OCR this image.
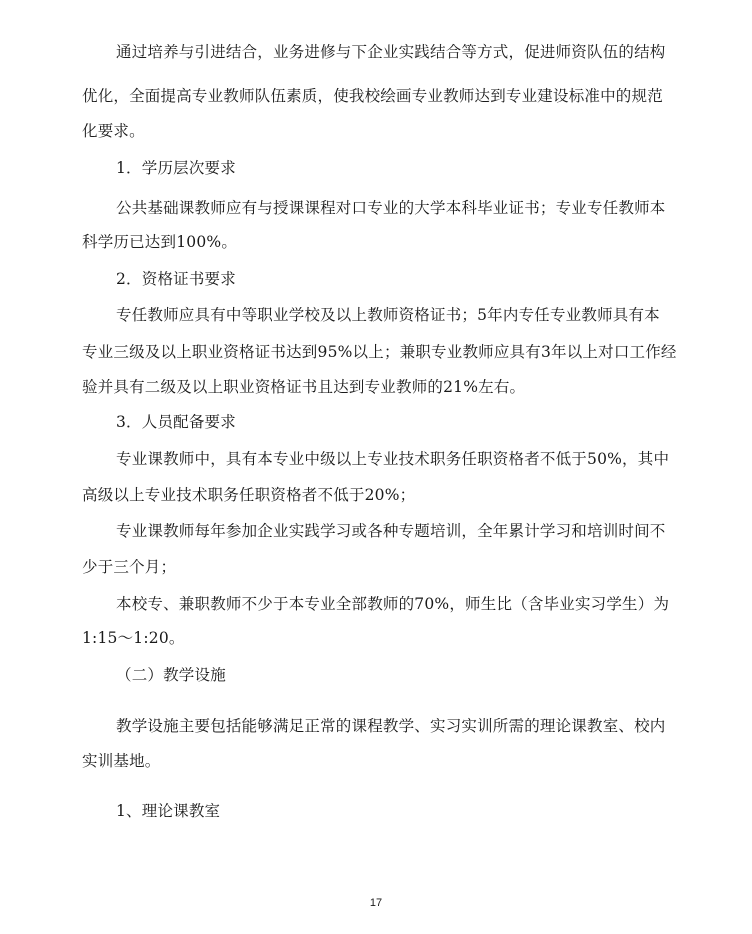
通过培养与引进结合，业务进修与下企业实践结合等方式，促进师资队伍的结构
优化，全面提高专业教师队伍素质，使我校绘画专业教师达到专业建设标准中的规范
化要求。
1．学历层次要求
公共基础课教师应有与授课课程对口专业的大学本科毕业证书；专业专任教师本
科学历已达到100%。
2．资格证书要求
专任教师应具有中等职业学校及以上教师资格证书；5年内专任专业教师具有本
专业三级及以上职业资格证书达到95%以上；兼职专业教师应具有3年以上对口工作经
验并具有二级及以上职业资格证书且达到专业教师的21%左右。
3．人员配备要求
专业课教师中，具有本专业中级以上专业技术职务任职资格者不低于50%，其中
高级以上专业技术职务任职资格者不低于20%；
专业课教师每年参加企业实践学习或各种专题培训，全年累计学习和培训时间不
少于三个月；
本校专、兼职教师不少于本专业全部教师的70%，师生比（含毕业实习学生）为
1:15～1:20。
（二）教学设施
教学设施主要包括能够满足正常的课程教学、实习实训所需的理论课教室、校内
实训基地。
1、理论课教室
17
